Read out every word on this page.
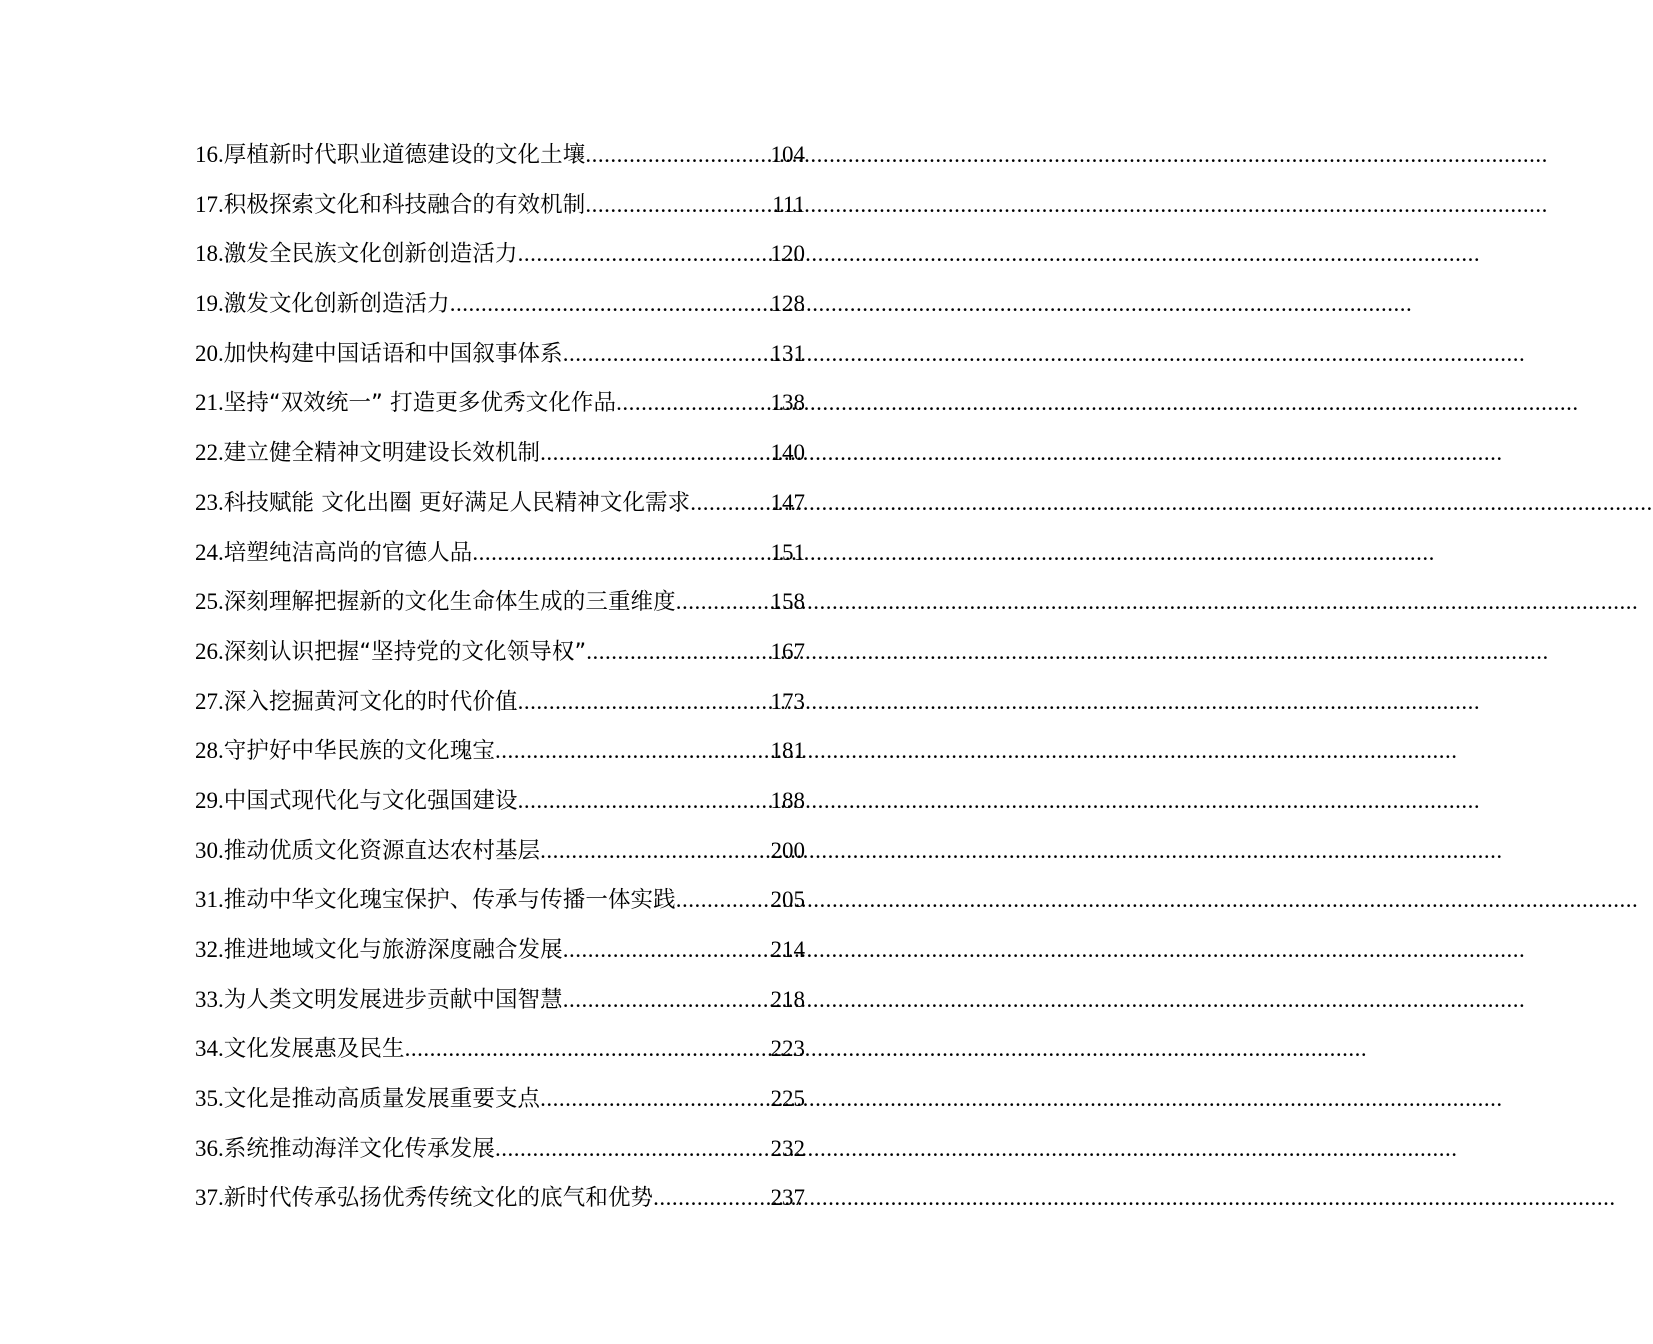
16. 厚植新时代职业道德建设的文化土壤 .....	104
17. 积极探索文化和科技融合的有效机制 .....	111
18. 激发全民族文化创新创造活力 .....	120
19. 激发文化创新创造活力 .....	128
20. 加快构建中国话语和中国叙事体系 .....	131
21. 坚持“双效统一” 打造更多优秀文化作品 .....	138
22. 建立健全精神文明建设长效机制 .....	140
23. 科技赋能 文化出圈 更好满足人民精神文化需求 .....	147
24. 培塑纯洁高尚的官德人品 .....	151
25. 深刻理解把握新的文化生命体生成的三重维度 .....	158
26. 深刻认识把握“坚持党的文化领导权” .....	167
27. 深入挖掘黄河文化的时代价值 .....	173
28. 守护好中华民族的文化瑰宝 .....	181
29. 中国式现代化与文化强国建设 .....	188
30. 推动优质文化资源直达农村基层 .....	200
31. 推动中华文化瑰宝保护、传承与传播一体实践 .....	205
32. 推进地域文化与旅游深度融合发展 .....	214
33. 为人类文明发展进步贡献中国智慧 .....	218
34. 文化发展惠及民生 .....	223
35. 文化是推动高质量发展重要支点 .....	225
36. 系统推动海洋文化传承发展 .....	232
37. 新时代传承弘扬优秀传统文化的底气和优势 .....	237
